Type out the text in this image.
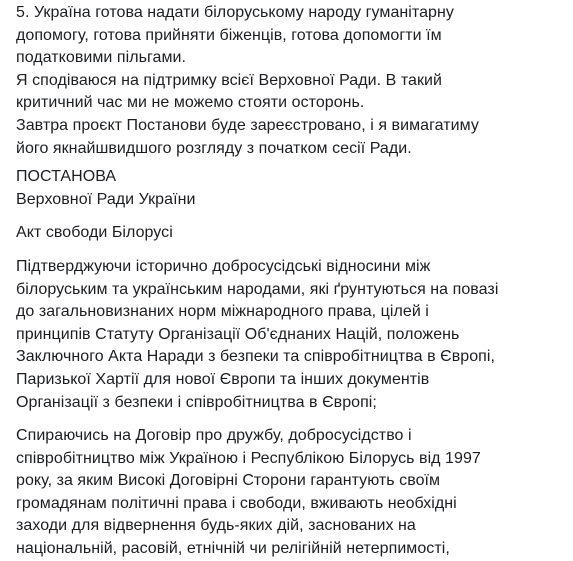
5. Україна готова надати білоруському народу гуманітарну
допомогу, готова прийняти біженців, готова допомогти їм
податковими пільгами.
Я сподіваюся на підтримку всієї Верховної Ради. В такий
критичний час ми не можемо стояти осторонь.
Завтра проєкт Постанови буде зареєстровано, і я вимагатиму
його якнайшвидшого розгляду з початком сесії Ради.
ПОСТАНОВА
Верховної Ради України
Акт свободи Білорусі
Підтверджуючи історично добросусідські відносини між
білоруським та українським народами, які ґрунтуються на повазі
до загальновизнаних норм міжнародного права, цілей і
принципів Статуту Організації Об'єднаних Націй, положень
Заключного Акта Наради з безпеки та співробітництва в Європі,
Паризької Хартії для нової Європи та інших документів
Організації з безпеки і співробітництва в Європі;
Спираючись на Договір про дружбу, добросусідство і
співробітництво між Україною і Республікою Білорусь від 1997
року, за яким Високі Договірні Сторони гарантують своїм
громадянам політичні права і свободи, вживають необхідні
заходи для відвернення будь-яких дій, заснованих на
національній, расовій, етнічній чи релігійній нетерпимості,
